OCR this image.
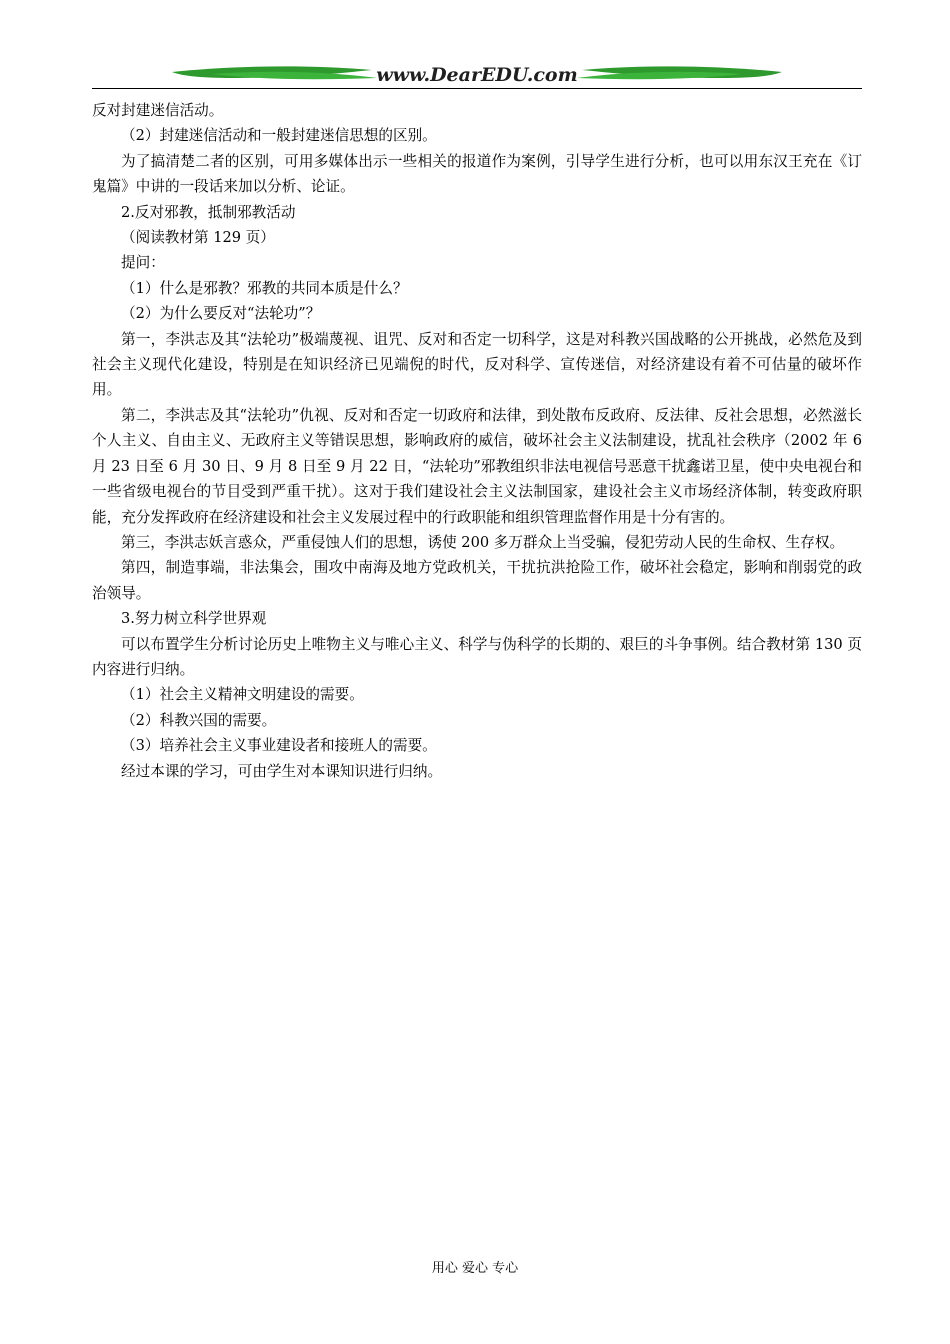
www.DearEDU.com

反对封建迷信活动。

（2）封建迷信活动和一般封建迷信思想的区别。

为了搞清楚二者的区别，可用多媒体出示一些相关的报道作为案例，引导学生进行分析，也可以用东汉王充在《订鬼篇》中讲的一段话来加以分析、论证。

2.反对邪教，抵制邪教活动

（阅读教材第 129 页）

提问：

（1）什么是邪教？邪教的共同本质是什么？

（2）为什么要反对“法轮功”？

第一，李洪志及其“法轮功”极端蔑视、诅咒、反对和否定一切科学，这是对科教兴国战略的公开挑战，必然危及到社会主义现代化建设，特别是在知识经济已见端倪的时代，反对科学、宣传迷信，对经济建设有着不可估量的破坏作用。

第二，李洪志及其“法轮功”仇视、反对和否定一切政府和法律，到处散布反政府、反法律、反社会思想，必然滋长个人主义、自由主义、无政府主义等错误思想，影响政府的威信，破坏社会主义法制建设，扰乱社会秩序（2002 年 6 月 23 日至 6 月 30 日、9 月 8 日至 9 月 22 日，“法轮功”邪教组织非法电视信号恶意干扰鑫诺卫星，使中央电视台和一些省级电视台的节目受到严重干扰）。这对于我们建设社会主义法制国家，建设社会主义市场经济体制，转变政府职能，充分发挥政府在经济建设和社会主义发展过程中的行政职能和组织管理监督作用是十分有害的。

第三，李洪志妖言惑众，严重侵蚀人们的思想，诱使 200 多万群众上当受骗，侵犯劳动人民的生命权、生存权。

第四，制造事端，非法集会，围攻中南海及地方党政机关，干扰抗洪抢险工作，破坏社会稳定，影响和削弱党的政治领导。

3.努力树立科学世界观

可以布置学生分析讨论历史上唯物主义与唯心主义、科学与伪科学的长期的、艰巨的斗争事例。结合教材第 130 页内容进行归纳。

（1）社会主义精神文明建设的需要。

（2）科教兴国的需要。

（3）培养社会主义事业建设者和接班人的需要。

经过本课的学习，可由学生对本课知识进行归纳。

用心 爱心 专心
